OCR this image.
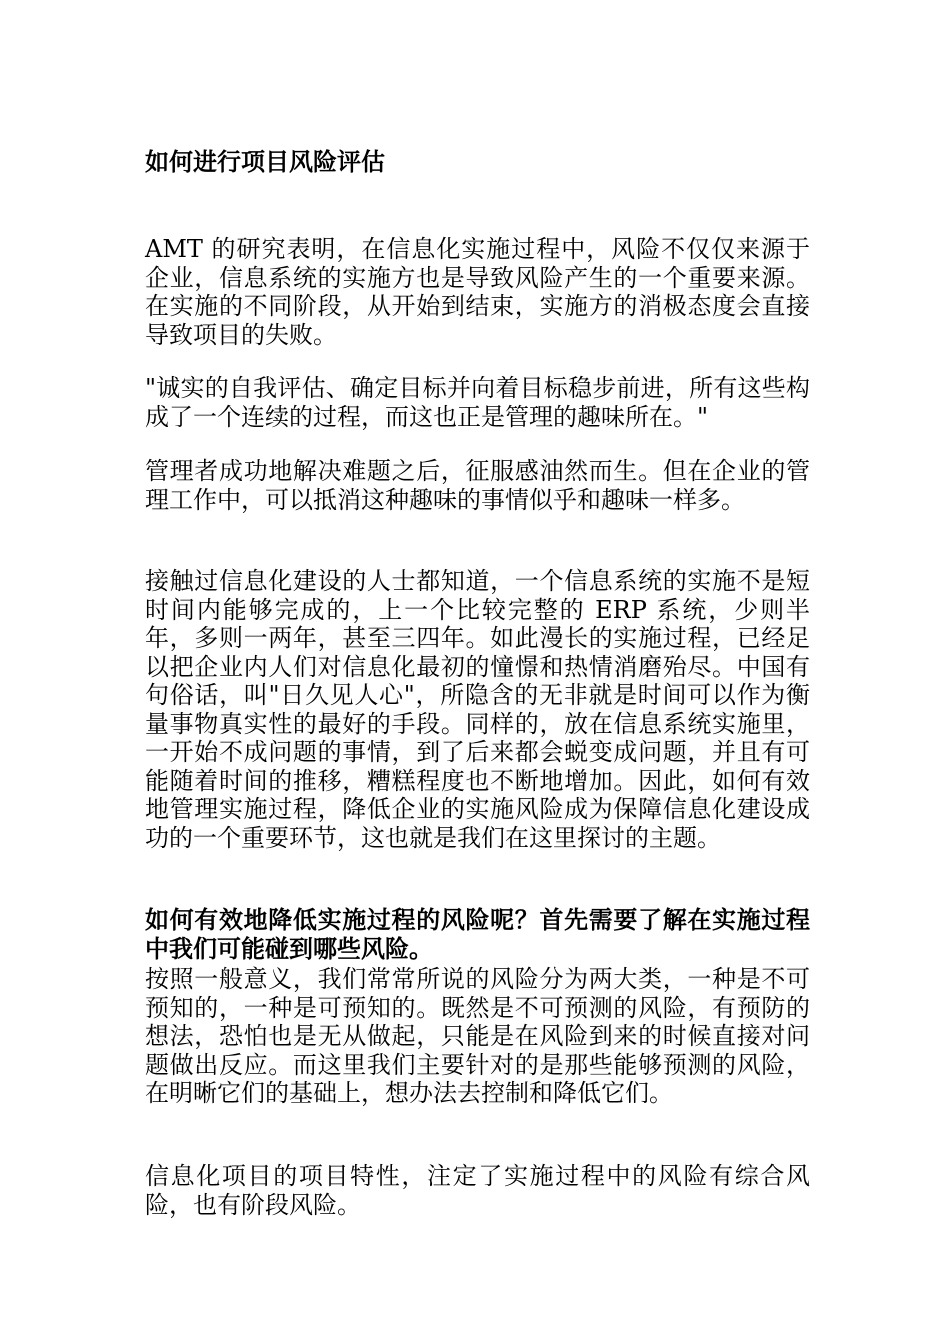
如何进行项目风险评估

AMT 的研究表明，在信息化实施过程中，风险不仅仅来源于企业，信息系统的实施方也是导致风险产生的一个重要来源。在实施的不同阶段，从开始到结束，实施方的消极态度会直接导致项目的失败。

"诚实的自我评估、确定目标并向着目标稳步前进，所有这些构成了一个连续的过程，而这也正是管理的趣味所在。"

管理者成功地解决难题之后，征服感油然而生。但在企业的管理工作中，可以抵消这种趣味的事情似乎和趣味一样多。

接触过信息化建设的人士都知道，一个信息系统的实施不是短时间内能够完成的，上一个比较完整的 ERP 系统，少则半年，多则一两年，甚至三四年。如此漫长的实施过程，已经足以把企业内人们对信息化最初的憧憬和热情消磨殆尽。中国有句俗话，叫"日久见人心"，所隐含的无非就是时间可以作为衡量事物真实性的最好的手段。同样的，放在信息系统实施里，一开始不成问题的事情，到了后来都会蜕变成问题，并且有可能随着时间的推移，糟糕程度也不断地增加。因此，如何有效地管理实施过程，降低企业的实施风险成为保障信息化建设成功的一个重要环节，这也就是我们在这里探讨的主题。

如何有效地降低实施过程的风险呢？首先需要了解在实施过程中我们可能碰到哪些风险。

按照一般意义，我们常常所说的风险分为两大类，一种是不可预知的，一种是可预知的。既然是不可预测的风险，有预防的想法，恐怕也是无从做起，只能是在风险到来的时候直接对问题做出反应。而这里我们主要针对的是那些能够预测的风险，在明晰它们的基础上，想办法去控制和降低它们。

信息化项目的项目特性，注定了实施过程中的风险有综合风险，也有阶段风险。
